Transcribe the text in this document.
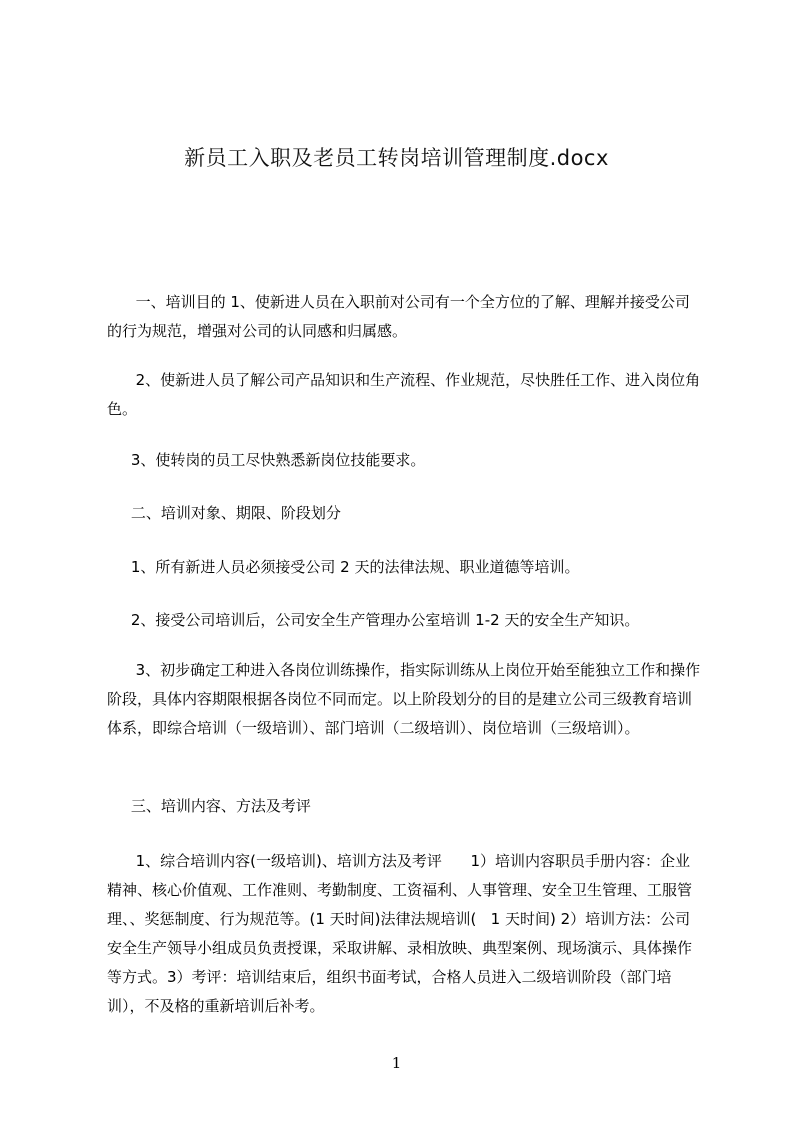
新员工入职及老员工转岗培训管理制度.docx
一、培训目的 1、使新进人员在入职前对公司有一个全方位的了解、理解并接受公司的行为规范，增强对公司的认同感和归属感。
2、使新进人员了解公司产品知识和生产流程、作业规范，尽快胜任工作、进入岗位角色。
3、使转岗的员工尽快熟悉新岗位技能要求。
二、培训对象、期限、阶段划分
1、所有新进人员必须接受公司 2 天的法律法规、职业道德等培训。
2、接受公司培训后，公司安全生产管理办公室培训 1-2 天的安全生产知识。
3、初步确定工种进入各岗位训练操作，指实际训练从上岗位开始至能独立工作和操作阶段，具体内容期限根据各岗位不同而定。以上阶段划分的目的是建立公司三级教育培训体系，即综合培训（一级培训）、部门培训（二级培训）、岗位培训（三级培训）。
三、培训内容、方法及考评
1、综合培训内容(一级培训)、培训方法及考评      1）培训内容职员手册内容：企业精神、核心价值观、工作准则、考勤制度、工资福利、人事管理、安全卫生管理、工服管理、、奖惩制度、行为规范等。(1 天时间)法律法规培训(   1 天时间) 2）培训方法：公司安全生产领导小组成员负责授课，采取讲解、录相放映、典型案例、现场演示、具体操作等方式。3）考评：培训结束后，组织书面考试，合格人员进入二级培训阶段（部门培训），不及格的重新培训后补考。
1
